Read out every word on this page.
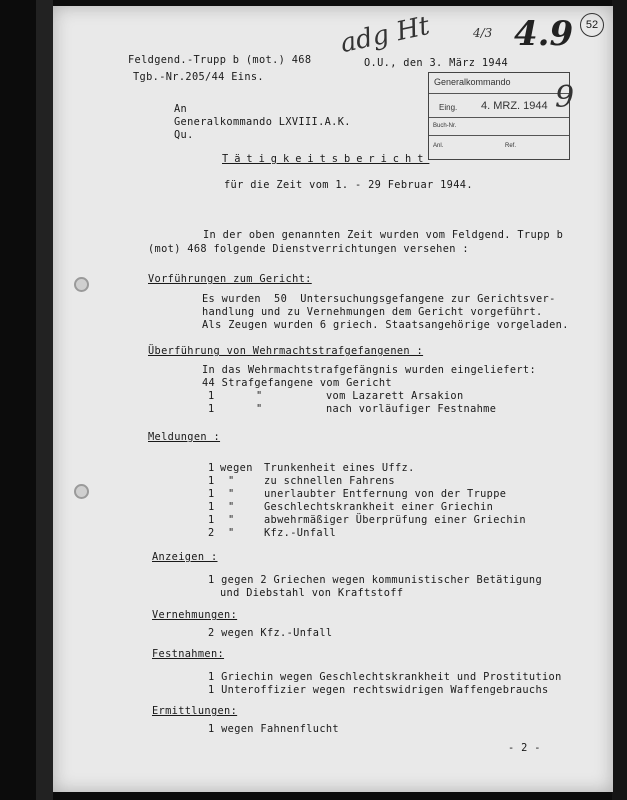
Feldgend.-Trupp b (mot.) 468
Tgb.-Nr.205/44 Eins.
O.U., den 3. März 1944
adg Ht	4/3 4.9	52
Generalkommando
Eing. 4. MRZ. 1944
Buch-Nr.
Anl.	Ref.
9
An
Generalkommando LXVIII.A.K.
Qu.
Tätigkeitsbericht
für die Zeit vom 1. - 29 Februar 1944.
In der oben genannten Zeit wurden vom Feldgend. Trupp b
(mot) 468 folgende Dienstverrichtungen versehen :
Vorführungen zum Gericht:
Es wurden  50  Untersuchungsgefangene zur Gerichtsver-
handlung und zu Vernehmungen dem Gericht vorgeführt.
Als Zeugen wurden 6 griech. Staatsangehörige vorgeladen.
Überführung von Wehrmachtstrafgefangenen :
In das Wehrmachtstrafgefängnis wurden eingeliefert:
44 Strafgefangene vom Gericht
1	"	vom Lazarett Arsakion
1	"	nach vorläufiger Festnahme
Meldungen :
1 wegen Trunkenheit eines Uffz.
1 "	zu schnellen Fahrens
1 "	unerlaubter Entfernung von der Truppe
1 "	Geschlechtskrankheit einer Griechin
1 "	abwehrmäßiger Überprüfung einer Griechin
2 "	Kfz.-Unfall
Anzeigen :
1 gegen 2 Griechen wegen kommunistischer Betätigung
und Diebstahl von Kraftstoff
Vernehmungen:
2 wegen Kfz.-Unfall
Festnahmen:
1 Griechin wegen Geschlechtskrankheit und Prostitution
1 Unteroffizier wegen rechtswidrigen Waffengebrauchs
Ermittlungen:
1 wegen Fahnenflucht
- 2 -
